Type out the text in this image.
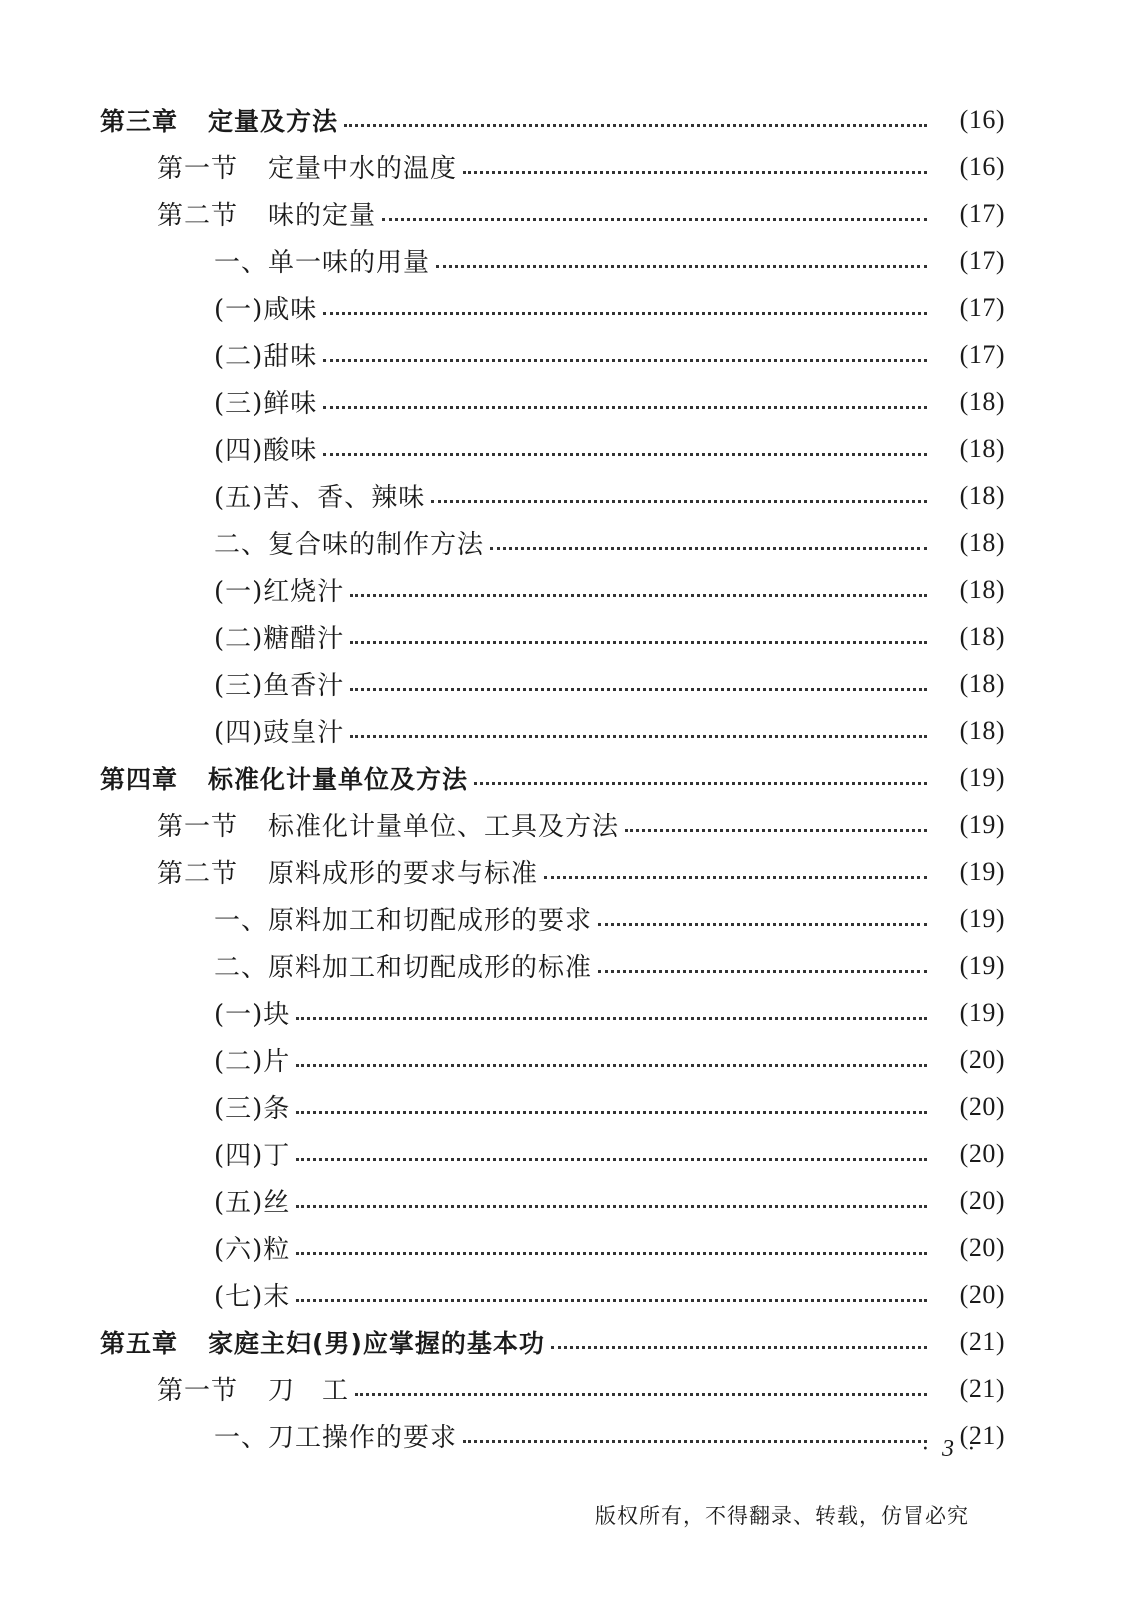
第三章 定量及方法	(16)
第一节 定量中水的温度	(16)
第二节 味的定量	(17)
一、单一味的用量	(17)
(一)咸味	(17)
(二)甜味	(17)
(三)鲜味	(18)
(四)酸味	(18)
(五)苦、香、辣味	(18)
二、复合味的制作方法	(18)
(一)红烧汁	(18)
(二)糖醋汁	(18)
(三)鱼香汁	(18)
(四)豉皇汁	(18)
第四章 标准化计量单位及方法	(19)
第一节 标准化计量单位、工具及方法	(19)
第二节 原料成形的要求与标准	(19)
一、原料加工和切配成形的要求	(19)
二、原料加工和切配成形的标准	(19)
(一)块	(19)
(二)片	(20)
(三)条	(20)
(四)丁	(20)
(五)丝	(20)
(六)粒	(20)
(七)末	(20)
第五章 家庭主妇(男)应掌握的基本功	(21)
第一节 刀　工	(21)
一、刀工操作的要求	(21)
· 3 ·
版权所有，不得翻录、转载，仿冒必究
